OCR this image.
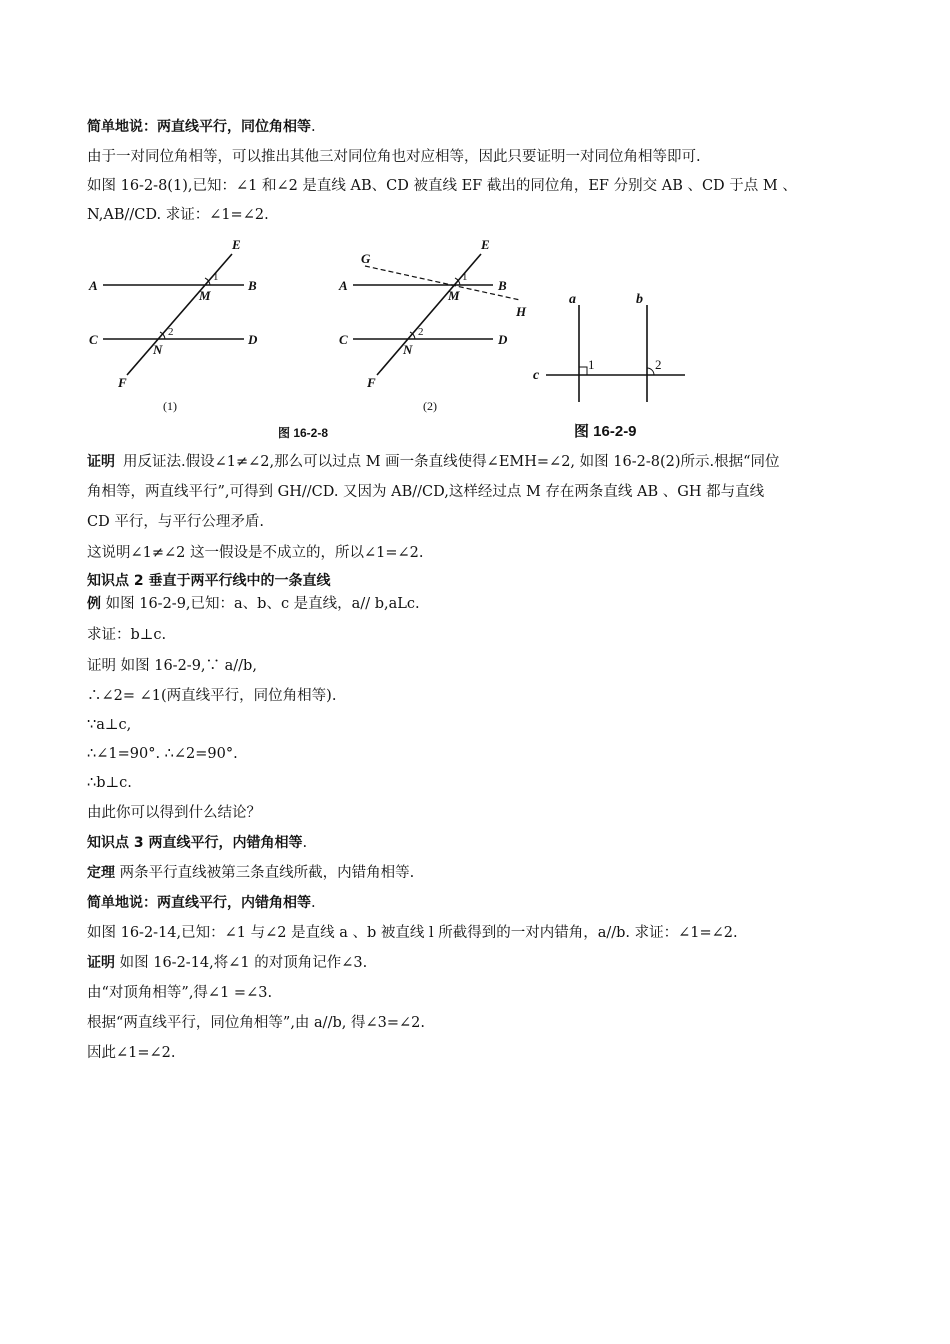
简单地说：两直线平行，同位角相等.
由于一对同位角相等，可以推出其他三对同位角也对应相等，因此只要证明一对同位角相等即可.
如图 16-2-8(1),已知：∠1 和∠2 是直线 AB、CD 被直线 EF 截出的同位角，EF 分别交 AB 、CD 于点 M 、
N,AB//CD. 求证：∠1=∠2.
A	B
C	D
E
F
M
N
1
2
(1)
A	B
C	D
E
F
M
N
G
H
1
2
(2)
图 16-2-8
a	b
c
1	2
图 16-2-9
证明 用反证法.假设∠1≠∠2,那么可以过点 M 画一条直线使得∠EMH=∠2, 如图 16-2-8(2)所示.根据“同位
角相等，两直线平行”,可得到 GH//CD. 又因为 AB//CD,这样经过点 M 存在两条直线 AB 、GH 都与直线
CD 平行，与平行公理矛盾.
这说明∠1≠∠2 这一假设是不成立的，所以∠1=∠2.
知识点 2 垂直于两平行线中的一条直线
例 如图 16-2-9,已知：a、b、c 是直线，a// b,aLc.
求证：b⊥c.
证明 如图 16-2-9,∵ a//b,
∴∠2= ∠1(两直线平行，同位角相等).
∵a⊥c,
∴∠1=90°. ∴∠2=90°.
∴b⊥c.
由此你可以得到什么结论？
知识点 3 两直线平行，内错角相等.
定理 两条平行直线被第三条直线所截，内错角相等.
简单地说：两直线平行，内错角相等.
如图 16-2-14,已知：∠1 与∠2 是直线 a 、b 被直线 l 所截得到的一对内错角，a//b. 求证：∠1=∠2.
证明 如图 16-2-14,将∠1 的对顶角记作∠3.
由“对顶角相等”,得∠1 =∠3.
根据“两直线平行，同位角相等”,由 a//b, 得∠3=∠2.
因此∠1=∠2.
